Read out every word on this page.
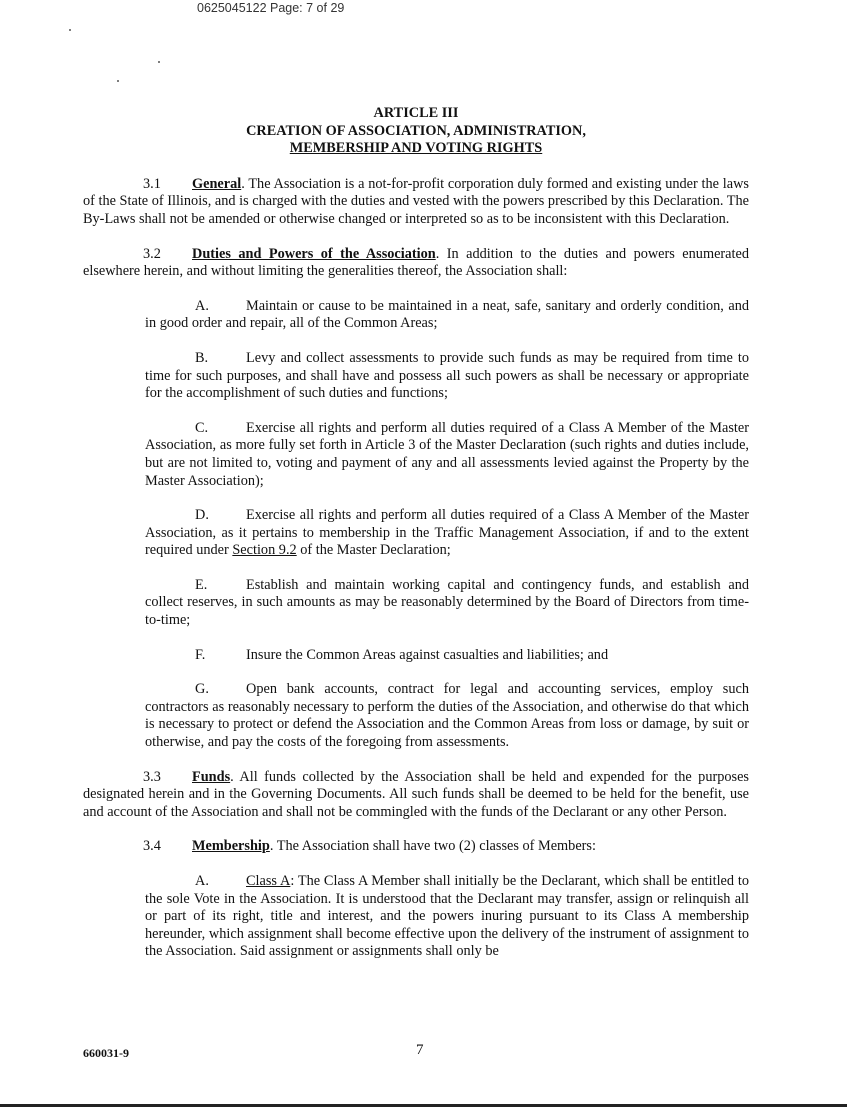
0625045122 Page: 7 of 29
ARTICLE III
CREATION OF ASSOCIATION, ADMINISTRATION,
MEMBERSHIP AND VOTING RIGHTS

3.1 General. The Association is a not-for-profit corporation duly formed and existing under the laws of the State of Illinois, and is charged with the duties and vested with the powers prescribed by this Declaration. The By-Laws shall not be amended or otherwise changed or interpreted so as to be inconsistent with this Declaration.

3.2 Duties and Powers of the Association. In addition to the duties and powers enumerated elsewhere herein, and without limiting the generalities thereof, the Association shall:

A.	Maintain or cause to be maintained in a neat, safe, sanitary and orderly condition, and in good order and repair, all of the Common Areas;

B.	Levy and collect assessments to provide such funds as may be required from time to time for such purposes, and shall have and possess all such powers as shall be necessary or appropriate for the accomplishment of such duties and functions;

C.	Exercise all rights and perform all duties required of a Class A Member of the Master Association, as more fully set forth in Article 3 of the Master Declaration (such rights and duties include, but are not limited to, voting and payment of any and all assessments levied against the Property by the Master Association);

D.	Exercise all rights and perform all duties required of a Class A Member of the Master Association, as it pertains to membership in the Traffic Management Association, if and to the extent required under Section 9.2 of the Master Declaration;

E.	Establish and maintain working capital and contingency funds, and establish and collect reserves, in such amounts as may be reasonably determined by the Board of Directors from time-to-time;

F.	Insure the Common Areas against casualties and liabilities; and

G.	Open bank accounts, contract for legal and accounting services, employ such contractors as reasonably necessary to perform the duties of the Association, and otherwise do that which is necessary to protect or defend the Association and the Common Areas from loss or damage, by suit or otherwise, and pay the costs of the foregoing from assessments.

3.3 Funds. All funds collected by the Association shall be held and expended for the purposes designated herein and in the Governing Documents. All such funds shall be deemed to be held for the benefit, use and account of the Association and shall not be commingled with the funds of the Declarant or any other Person.

3.4 Membership. The Association shall have two (2) classes of Members:

A.	Class A: The Class A Member shall initially be the Declarant, which shall be entitled to the sole Vote in the Association. It is understood that the Declarant may transfer, assign or relinquish all or part of its right, title and interest, and the powers inuring pursuant to its Class A membership hereunder, which assignment shall become effective upon the delivery of the instrument of assignment to the Association. Said assignment or assignments shall only be

660031-9	7
